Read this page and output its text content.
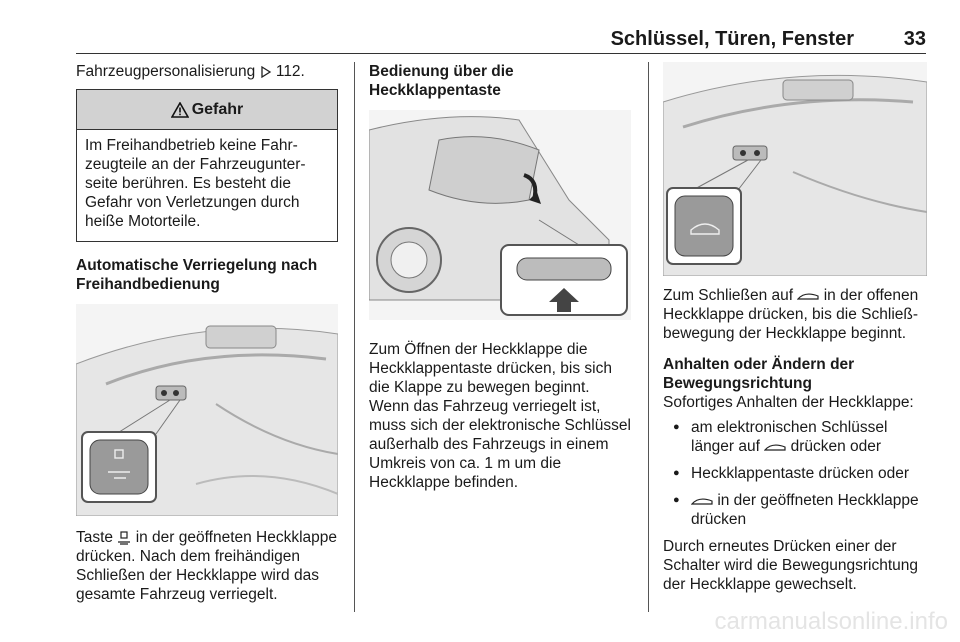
Schlüssel, Türen, Fenster 33

Fahrzeugpersonalisierung 112.

Gefahr
Im Freihandbetrieb keine Fahrzeugteile an der Fahrzeugunterseite berühren. Es besteht die Gefahr von Verletzungen durch heiße Motorteile.

Automatische Verriegelung nach Freihandbedienung

Taste in der geöffneten Heckklappe drücken. Nach dem freihändigen Schließen der Heckklappe wird das gesamte Fahrzeug verriegelt.

Bedienung über die Heckklappentaste

Zum Öffnen der Heckklappe die Heckklappentaste drücken, bis sich die Klappe zu bewegen beginnt. Wenn das Fahrzeug verriegelt ist, muss sich der elektronische Schlüssel außerhalb des Fahrzeugs in einem Umkreis von ca. 1 m um die Heckklappe befinden.

Zum Schließen auf in der offenen Heckklappe drücken, bis die Schließbewegung der Heckklappe beginnt.

Anhalten oder Ändern der Bewegungsrichtung

Sofortiges Anhalten der Heckklappe:

● am elektronischen Schlüssel länger auf drücken oder
● Heckklappentaste drücken oder
● in der geöffneten Heckklappe drücken

Durch erneutes Drücken einer der Schalter wird die Bewegungsrichtung der Heckklappe gewechselt.

carmanualsonline.info
